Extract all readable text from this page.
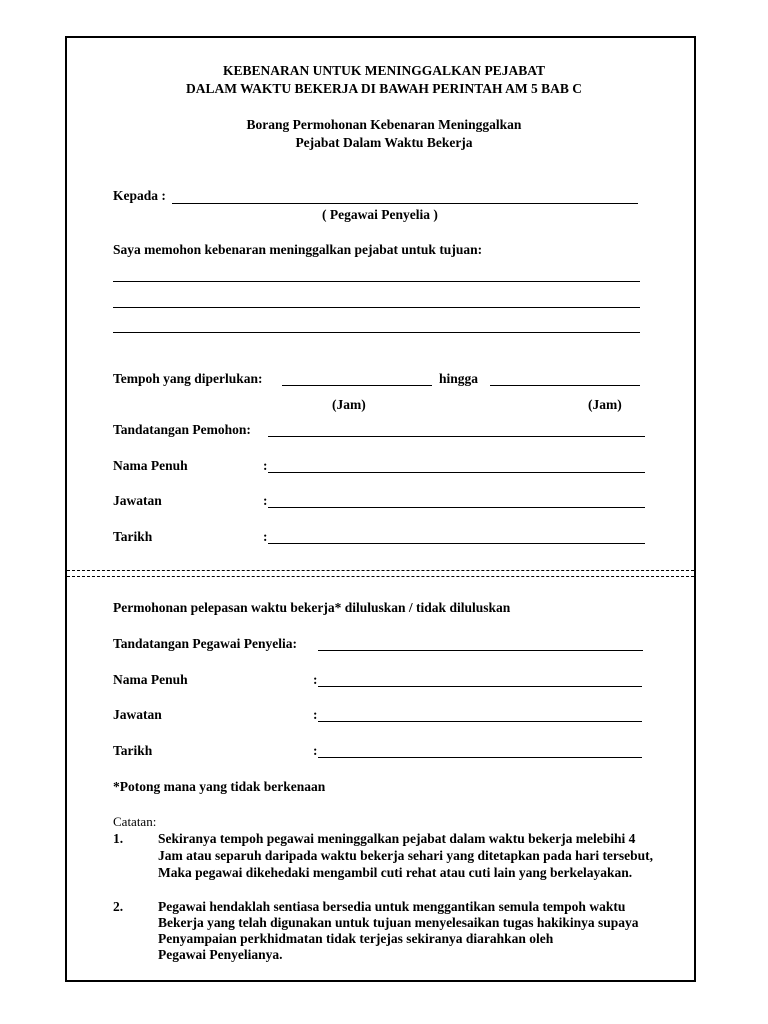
KEBENARAN UNTUK MENINGGALKAN PEJABAT
DALAM WAKTU BEKERJA DI BAWAH PERINTAH AM 5 BAB C
Borang Permohonan Kebenaran Meninggalkan
Pejabat Dalam Waktu Bekerja
Kepada :
( Pegawai Penyelia )
Saya memohon kebenaran meninggalkan pejabat untuk tujuan:
Tempoh yang diperlukan:	hingga
(Jam)	(Jam)
Tandatangan Pemohon:
Nama Penuh	:
Jawatan	:
Tarikh	:
Permohonan pelepasan waktu bekerja* diluluskan / tidak diluluskan
Tandatangan Pegawai Penyelia:
Nama Penuh	:
Jawatan	:
Tarikh	:
*Potong mana yang tidak berkenaan
Catatan:
1.	Sekiranya tempoh pegawai meninggalkan pejabat dalam waktu bekerja melebihi 4
Jam atau separuh daripada waktu bekerja sehari yang ditetapkan pada hari tersebut,
Maka pegawai dikehedaki mengambil cuti rehat atau cuti lain yang berkelayakan.
2.	Pegawai hendaklah sentiasa bersedia untuk menggantikan semula tempoh waktu
Bekerja yang telah digunakan untuk tujuan menyelesaikan tugas hakikinya supaya
Penyampaian perkhidmatan tidak terjejas sekiranya diarahkan oleh
Pegawai Penyelianya.
